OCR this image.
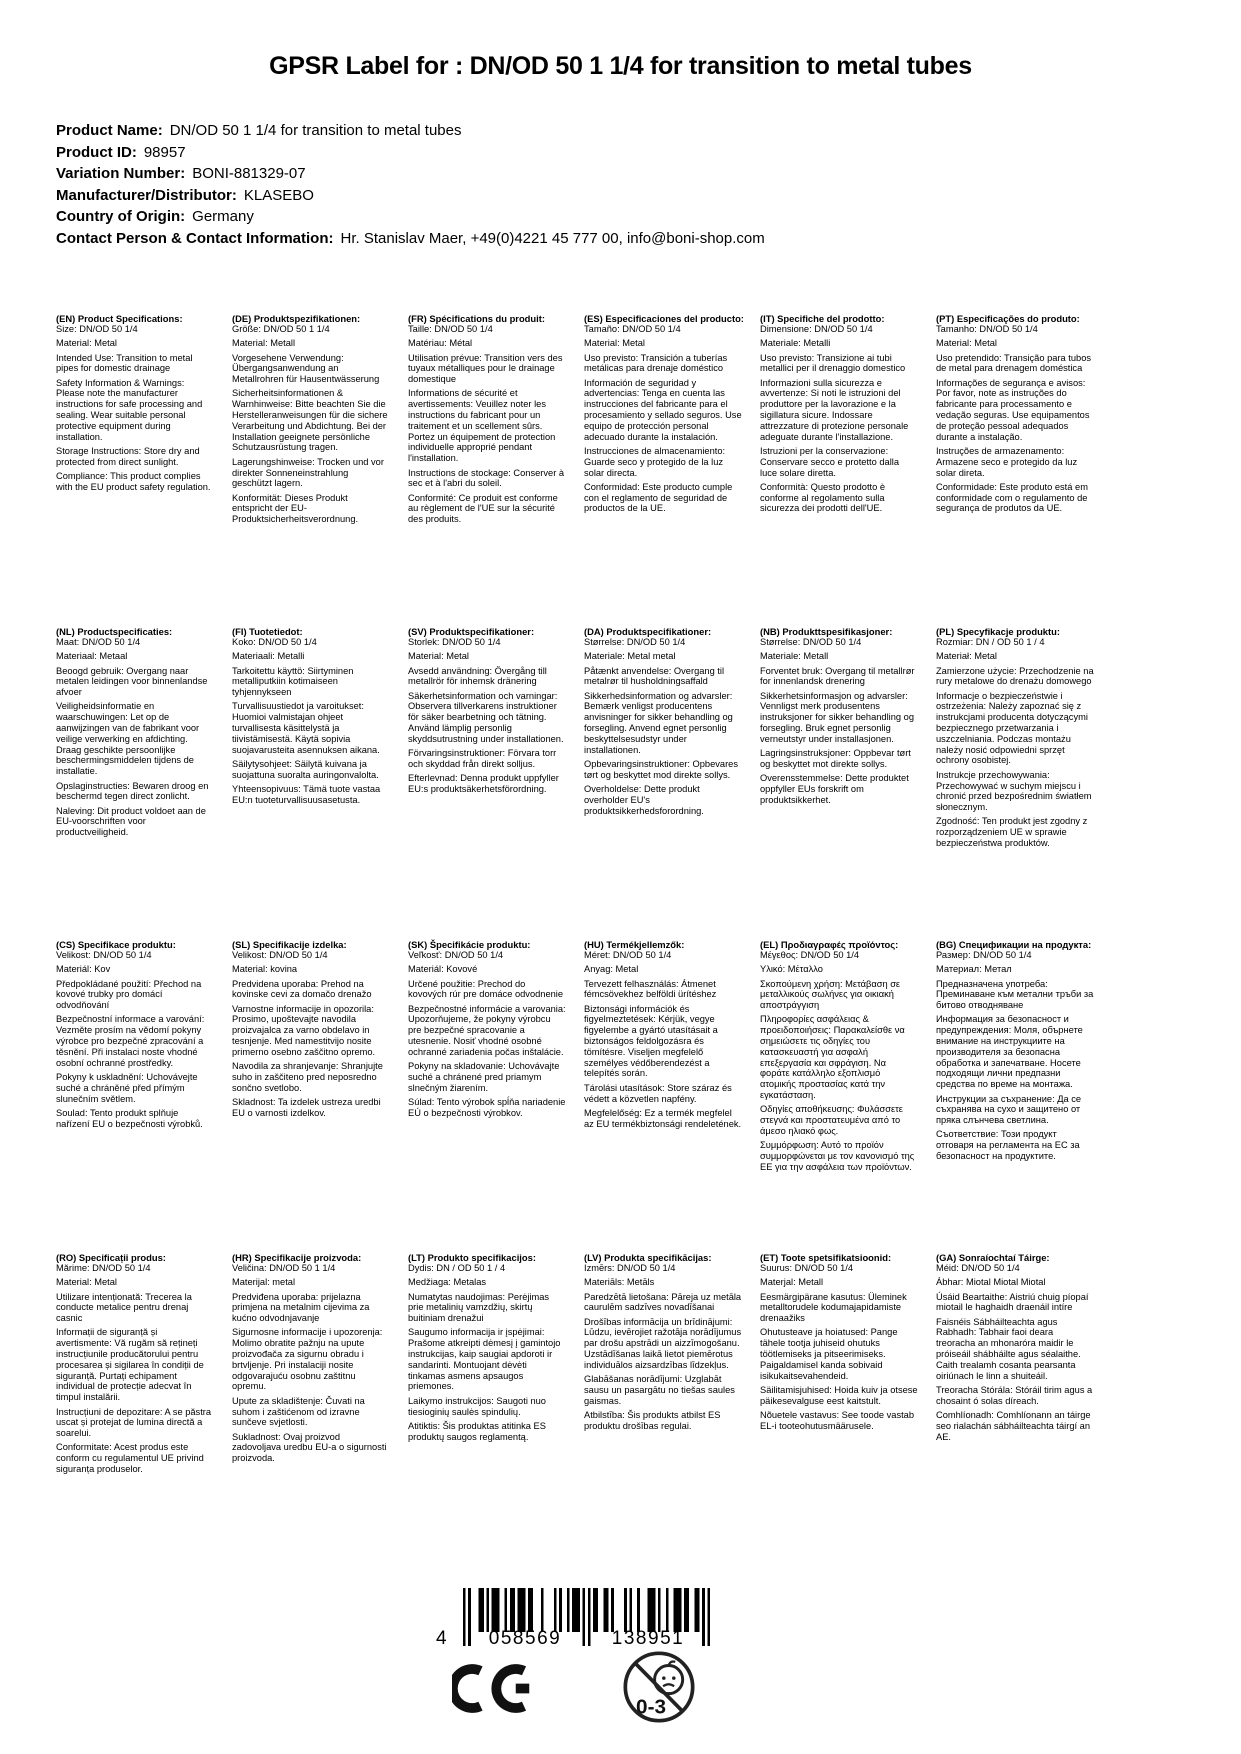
GPSR Label for : DN/OD 50 1 1/4 for transition to metal tubes
Product Name: DN/OD 50 1 1/4 for transition to metal tubes
Product ID: 98957
Variation Number: BONI-881329-07
Manufacturer/Distributor: KLASEBO
Country of Origin: Germany
Contact Person & Contact Information: Hr. Stanislav Maer, +49(0)4221 45 777 00, info@boni-shop.com
(EN) Product Specifications:

Size: DN/OD 50 1/4

Material: Metal

Intended Use: Transition to metal pipes for domestic drainage

Safety Information & Warnings: Please note the manufacturer instructions for safe processing and sealing. Wear suitable personal protective equipment during installation.

Storage Instructions: Store dry and protected from direct sunlight.

Compliance: This product complies with the EU product safety regulation.

(DE) Produktspezifikationen:

Größe: DN/OD 50 1 1/4

Material: Metall

Vorgesehene Verwendung: Übergangsanwendung an Metallrohren für Hausentwässerung

Sicherheitsinformationen & Warnhinweise: Bitte beachten Sie die Herstelleranweisungen für die sichere Verarbeitung und Abdichtung. Bei der Installation geeignete persönliche Schutzausrüstung tragen.

Lagerungshinweise: Trocken und vor direkter Sonneneinstrahlung geschützt lagern.

Konformität: Dieses Produkt entspricht der EU-Produktsicherheitsverordnung.

(FR) Spécifications du produit:

Taille: DN/OD 50 1/4

Matériau: Métal

Utilisation prévue: Transition vers des tuyaux métalliques pour le drainage domestique

Informations de sécurité et avertissements: Veuillez noter les instructions du fabricant pour un traitement et un scellement sûrs. Portez un équipement de protection individuelle approprié pendant l'installation.

Instructions de stockage: Conserver à sec et à l'abri du soleil.

Conformité: Ce produit est conforme au règlement de l'UE sur la sécurité des produits.

(ES) Especificaciones del producto:

Tamaño: DN/OD 50 1/4

Material: Metal

Uso previsto: Transición a tuberías metálicas para drenaje doméstico

Información de seguridad y advertencias: Tenga en cuenta las instrucciones del fabricante para el procesamiento y sellado seguros. Use equipo de protección personal adecuado durante la instalación.

Instrucciones de almacenamiento: Guarde seco y protegido de la luz solar directa.

Conformidad: Este producto cumple con el reglamento de seguridad de productos de la UE.

(IT) Specifiche del prodotto:

Dimensione: DN/OD 50 1/4

Materiale: Metalli

Uso previsto: Transizione ai tubi metallici per il drenaggio domestico

Informazioni sulla sicurezza e avvertenze: Si noti le istruzioni del produttore per la lavorazione e la sigillatura sicure. Indossare attrezzature di protezione personale adeguate durante l'installazione.

Istruzioni per la conservazione: Conservare secco e protetto dalla luce solare diretta.

Conformità: Questo prodotto è conforme al regolamento sulla sicurezza dei prodotti dell'UE.

(PT) Especificações do produto:

Tamanho: DN/OD 50 1/4

Material: Metal

Uso pretendido: Transição para tubos de metal para drenagem doméstica

Informações de segurança e avisos: Por favor, note as instruções do fabricante para processamento e vedação seguras. Use equipamentos de proteção pessoal adequados durante a instalação.

Instruções de armazenamento: Armazene seco e protegido da luz solar direta.

Conformidade: Este produto está em conformidade com o regulamento de segurança de produtos da UE.

(NL) Productspecificaties:

Maat: DN/OD 50 1/4

Materiaal: Metaal

Beoogd gebruik: Overgang naar metalen leidingen voor binnenlandse afvoer

Veiligheidsinformatie en waarschuwingen: Let op de aanwijzingen van de fabrikant voor veilige verwerking en afdichting. Draag geschikte persoonlijke beschermingsmiddelen tijdens de installatie.

Opslaginstructies: Bewaren droog en beschermd tegen direct zonlicht.

Naleving: Dit product voldoet aan de EU-voorschriften voor productveiligheid.

(FI) Tuotetiedot:

Koko: DN/OD 50 1/4

Materiaali: Metalli

Tarkoitettu käyttö: Siirtyminen metalliputkiin kotimaiseen tyhjennykseen

Turvallisuustiedot ja varoitukset: Huomioi valmistajan ohjeet turvallisesta käsittelystä ja tiivistämisestä. Käytä sopivia suojavarusteita asennuksen aikana.

Säilytysohjeet: Säilytä kuivana ja suojattuna suoralta auringonvalolta.

Yhteensopivuus: Tämä tuote vastaa EU:n tuoteturvallisuusasetusta.

(SV) Produktspecifikationer:

Storlek: DN/OD 50 1/4

Material: Metal

Avsedd användning: Övergång till metallrör för inhemsk dränering

Säkerhetsinformation och varningar: Observera tillverkarens instruktioner för säker bearbetning och tätning. Använd lämplig personlig skyddsutrustning under installationen.

Förvaringsinstruktioner: Förvara torr och skyddad från direkt solljus.

Efterlevnad: Denna produkt uppfyller EU:s produktsäkerhetsförordning.

(DA) Produktspecifikationer:

Størrelse: DN/OD 50 1/4

Materiale: Metal metal

Påtænkt anvendelse: Overgang til metalrør til husholdningsaffald

Sikkerhedsinformation og advarsler: Bemærk venligst producentens anvisninger for sikker behandling og forsegling. Anvend egnet personlig beskyttelsesudstyr under installationen.

Opbevaringsinstruktioner: Opbevares tørt og beskyttet mod direkte sollys.

Overholdelse: Dette produkt overholder EU's produktsikkerhedsforordning.

(NB) Produkttspesifikasjoner:

Størrelse: DN/OD 50 1/4

Materiale: Metall

Forventet bruk: Overgang til metallrør for innenlandsk drenering

Sikkerhetsinformasjon og advarsler: Vennligst merk produsentens instruksjoner for sikker behandling og forsegling. Bruk egnet personlig verneutstyr under installasjonen.

Lagringsinstruksjoner: Oppbevar tørt og beskyttet mot direkte sollys.

Overensstemmelse: Dette produktet oppfyller EUs forskrift om produktsikkerhet.

(PL) Specyfikacje produktu:

Rozmiar: DN / OD 50 1 / 4

Materiał: Metal

Zamierzone użycie: Przechodzenie na rury metalowe do drenażu domowego

Informacje o bezpieczeństwie i ostrzeżenia: Należy zapoznać się z instrukcjami producenta dotyczącymi bezpiecznego przetwarzania i uszczelniania. Podczas montażu należy nosić odpowiedni sprzęt ochrony osobistej.

Instrukcje przechowywania: Przechowywać w suchym miejscu i chronić przed bezpośrednim światłem słonecznym.

Zgodność: Ten produkt jest zgodny z rozporządzeniem UE w sprawie bezpieczeństwa produktów.

(CS) Specifikace produktu:

Velikost: DN/OD 50 1/4

Materiál: Kov

Předpokládané použití: Přechod na kovové trubky pro domácí odvodňování

Bezpečnostní informace a varování: Vezměte prosím na vědomí pokyny výrobce pro bezpečné zpracování a těsnění. Při instalaci noste vhodné osobní ochranné prostředky.

Pokyny k uskladnění: Uchovávejte suché a chráněné před přímým slunečním světlem.

Soulad: Tento produkt splňuje nařízení EU o bezpečnosti výrobků.

(SL) Specifikacije izdelka:

Velikost: DN/OD 50 1/4

Material: kovina

Predvidena uporaba: Prehod na kovinske cevi za domačo drenažo

Varnostne informacije in opozorila: Prosimo, upoštevajte navodila proizvajalca za varno obdelavo in tesnjenje. Med namestitvijo nosite primerno osebno zaščitno opremo.

Navodila za shranjevanje: Shranjujte suho in zaščiteno pred neposredno sončno svetlobo.

Skladnost: Ta izdelek ustreza uredbi EU o varnosti izdelkov.

(SK) Špecifikácie produktu:

Veľkosť: DN/OD 50 1/4

Materiál: Kovové

Určené použitie: Prechod do kovových rúr pre domáce odvodnenie

Bezpečnostné informácie a varovania: Upozorňujeme, že pokyny výrobcu pre bezpečné spracovanie a utesnenie. Nosiť vhodné osobné ochranné zariadenia počas inštalácie.

Pokyny na skladovanie: Uchovávajte suché a chránené pred priamym slnečným žiarením.

Súlad: Tento výrobok spĺňa nariadenie EÚ o bezpečnosti výrobkov.

(HU) Termékjellemzők:

Méret: DN/OD 50 1/4

Anyag: Metal

Tervezett felhasználás: Átmenet fémcsövekhez belföldi ürítéshez

Biztonsági információk és figyelmeztetések: Kérjük, vegye figyelembe a gyártó utasításait a biztonságos feldolgozásra és tömítésre. Viseljen megfelelő személyes védőberendezést a telepítés során.

Tárolási utasítások: Store száraz és védett a közvetlen napfény.

Megfelelőség: Ez a termék megfelel az EU termékbiztonsági rendeletének.

(EL) Προδιαγραφές προϊόντος:

Μέγεθος: DN/OD 50 1/4

Υλικό: Μέταλλο

Σκοπούμενη χρήση: Μετάβαση σε μεταλλικούς σωλήνες για οικιακή αποστράγγιση

Πληροφορίες ασφάλειας & προειδοποιήσεις: Παρακαλείσθε να σημειώσετε τις οδηγίες του κατασκευαστή για ασφαλή επεξεργασία και σφράγιση. Να φοράτε κατάλληλο εξοπλισμό ατομικής προστασίας κατά την εγκατάσταση.

Οδηγίες αποθήκευσης: Φυλάσσετε στεγνά και προστατευμένα από το άμεσο ηλιακό φως.

Συμμόρφωση: Αυτό το προϊόν συμμορφώνεται με τον κανονισμό της ΕΕ για την ασφάλεια των προϊόντων.

(BG) Спецификации на продукта:

Размер: DN/OD 50 1/4

Материал: Метал

Предназначена употреба: Преминаване към метални тръби за битово отводняване

Информация за безопасност и предупреждения: Моля, обърнете внимание на инструкциите на производителя за безопасна обработка и запечатване. Носете подходящи лични предпазни средства по време на монтажа.

Инструкции за съхранение: Да се съхранява на сухо и защитено от пряка слънчева светлина.

Съответствие: Този продукт отговаря на регламента на ЕС за безопасност на продуктите.

(RO) Specificații produs:

Mărime: DN/OD 50 1/4

Material: Metal

Utilizare intenționată: Trecerea la conducte metalice pentru drenaj casnic

Informații de siguranță și avertismente: Vă rugăm să rețineți instrucțiunile producătorului pentru procesarea și sigilarea în condiții de siguranță. Purtați echipament individual de protecție adecvat în timpul instalării.

Instrucțiuni de depozitare: A se păstra uscat și protejat de lumina directă a soarelui.

Conformitate: Acest produs este conform cu regulamentul UE privind siguranța produselor.

(HR) Specifikacije proizvoda:

Veličina: DN/OD 50 1 1/4

Materijal: metal

Predviđena uporaba: prijelazna primjena na metalnim cijevima za kućno odvodnjavanje

Sigurnosne informacije i upozorenja: Molimo obratite pažnju na upute proizvođača za sigurnu obradu i brtvljenje. Pri instalaciji nosite odgovarajuću osobnu zaštitnu opremu.

Upute za skladištenje: Čuvati na suhom i zaštićenom od izravne sunčeve svjetlosti.

Sukladnost: Ovaj proizvod zadovoljava uredbu EU-a o sigurnosti proizvoda.

(LT) Produkto specifikacijos:

Dydis: DN / OD 50 1 / 4

Medžiaga: Metalas

Numatytas naudojimas: Perėjimas prie metalinių vamzdžių, skirtų buitiniam drenažui

Saugumo informacija ir įspėjimai: Prašome atkreipti dėmesį į gamintojo instrukcijas, kaip saugiai apdoroti ir sandarinti. Montuojant dėvėti tinkamas asmens apsaugos priemones.

Laikymo instrukcijos: Saugoti nuo tiesioginių saulės spindulių.

Atitiktis: Šis produktas atitinka ES produktų saugos reglamentą.

(LV) Produkta specifikācijas:

Izmērs: DN/OD 50 1/4

Materiāls: Metāls

Paredzētā lietošana: Pāreja uz metāla caurulēm sadzīves novadīšanai

Drošības informācija un brīdinājumi: Lūdzu, ievērojiet ražotāja norādījumus par drošu apstrādi un aizzīmogošanu. Uzstādīšanas laikā lietot piemērotus individuālos aizsardzības līdzekļus.

Glabāšanas norādījumi: Uzglabāt sausu un pasargātu no tiešas saules gaismas.

Atbilstība: Šis produkts atbilst ES produktu drošības regulai.

(ET) Toote spetsifikatsioonid:

Suurus: DN/OD 50 1/4

Materjal: Metall

Eesmärgipärane kasutus: Üleminek metalltorudele kodumajapidamiste drenaažiks

Ohutusteave ja hoiatused: Pange tähele tootja juhiseid ohutuks töötlemiseks ja pitseerimiseks. Paigaldamisel kanda sobivaid isikukaitsevahendeid.

Säilitamisjuhised: Hoida kuiv ja otsese päikesevalguse eest kaitstult.

Nõuetele vastavus: See toode vastab EL-i tooteohutusmäärusele.

(GA) Sonraíochtaí Táirge:

Méid: DN/OD 50 1/4

Ábhar: Miotal Miotal Miotal

Úsáid Beartaithe: Aistriú chuig píopaí miotail le haghaidh draenáil intíre

Faisnéis Sábháilteachta agus Rabhadh: Tabhair faoi deara treoracha an mhonaróra maidir le próiseáil shábháilte agus séalaithe. Caith trealamh cosanta pearsanta oiriúnach le linn a shuiteáil.

Treoracha Stórála: Stóráil tirim agus a chosaint ó solas díreach.

Comhlíonadh: Comhlíonann an táirge seo rialachán sábháilteachta táirgí an AE.

4 058569	138951
0-3
